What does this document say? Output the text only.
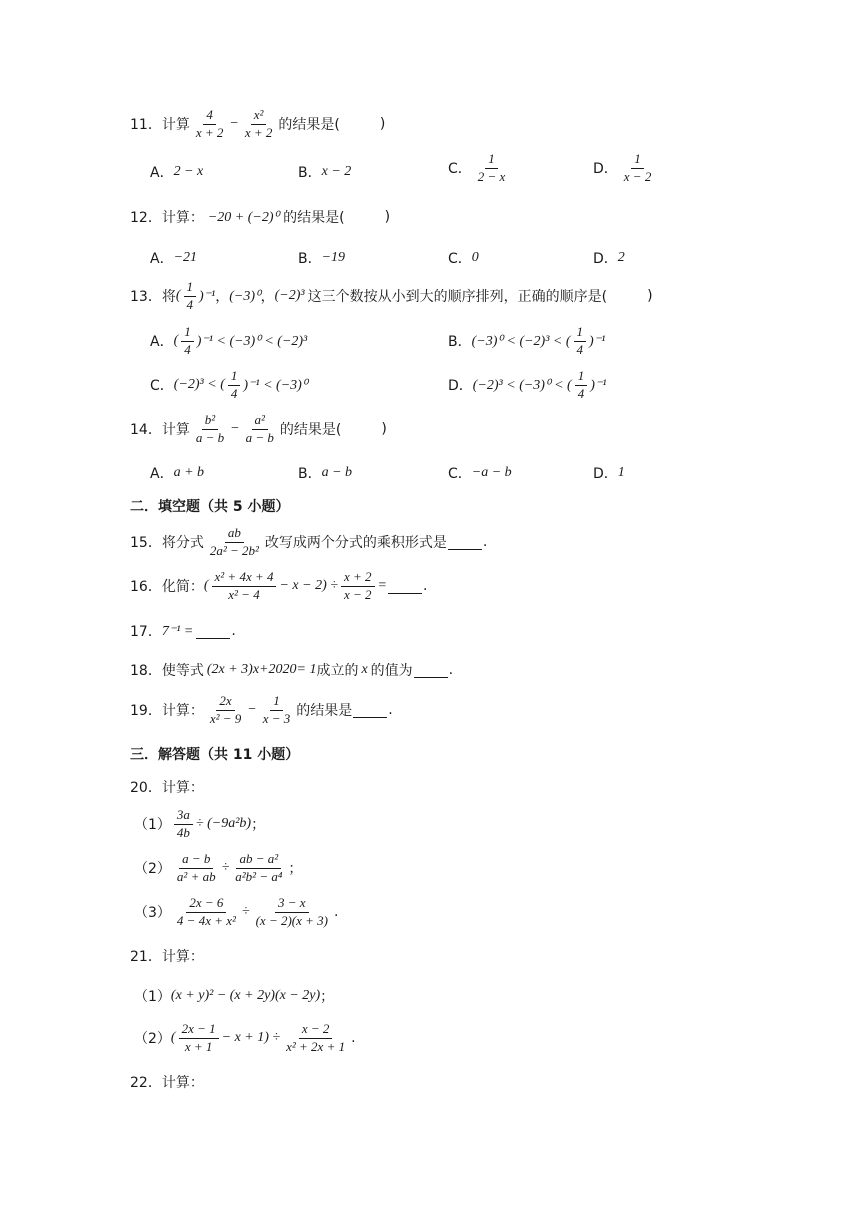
11．计算 $\frac{4}{x + 2} - \frac{\text{x²}}{x + 2}$ 的结果是(	)
A． 2 − x	B． x − 2	C． $\frac{1}{2 - x}$	D． $\frac{1}{x - 2}$
12．计算： −20 + (−2)⁰ 的结果是(	)
A． −21	B． −19	C． 0	D． 2
13．将 ( $\frac{1}{4} )^{-1}$ ， (−3)⁰ ， (−2)³ 这三个数按从小到大的顺序排列，正确的顺序是(	)
A． ( $\frac{1}{4} )^{-1} < (-3)^0 < (-2)^3$	B． (−3)⁰ < (−2)³ < ( $\frac{1}{4} )^{-1}$
C． (−2)³ < ( $\frac{1}{4} )^{-1} < (-3)^0$	D． (−2)³ < (−3)⁰ < ( $\frac{1}{4} )^{-1}$
14．计算 $\frac{\text{b²}}{a - b} - \frac{\text{a²}}{a - b}$ 的结果是(	)
A． a + b	B． a − b	C． −a − b	D． 1
二．填空题（共 5 小题）
15．将分式 $\frac{ab}{\text{2a² − 2b²}}$ 改写成两个分式的乘积形式是	.
16．化简： ( $\frac{\text{x² + 4x + 4}}{\text{x² − 4}} - x - 2) \div \frac{x + 2}{x - 2}$ =	.
17． 7⁻¹ =	.
18．使等式 (2x + 3) x+2020 = 1 成立的 x 的值为	.
19．计算： $\frac{2x}{\text{x² − 9}} - \frac{1}{x - 3}$ 的结果是	.
三．解答题（共 11 小题）
20．计算：
$(1) \frac{3a}{4b} \div (-9a^2b)$ ；
$(2) \frac{a - b}{\text{a² + ab}} \div \frac{\text{ab − a²}}{\text{a²b² − a⁴}}$ ；
$(3) \frac{2x - 6}{\text{4 − 4x + x²}} \div \frac{3 - x}{(x - 2)(x + 3)}$ .
21．计算：
（1） (x + y)² − (x + 2y)(x − 2y) ；
（2） ( $\frac{2x - 1}{x + 1} - x + 1) \div \frac{x - 2}{\text{x² + 2x + 1}}$ .
22．计算：
